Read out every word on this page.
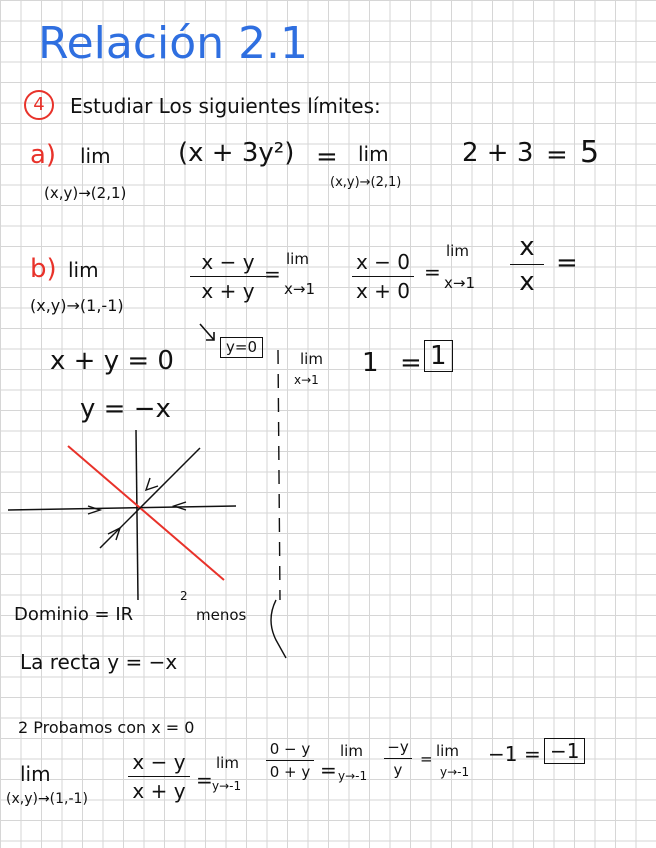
Relación 2.1
4	Estudiar Los siguientes límites:
a) lim
(x,y)→(2,1)
(x + 3y²) = lim
(x,y)→(2,1)
2 + 3 = 5
b) lim
(x,y)→(1,-1)
x − y
x + y
=
lim
x→1
x − 0
x + 0
=
lim
x→1
x
x
=
y=0
lim
x→1
1 = 1
x + y = 0
y = −x
Dominio = IR
2
menos
La recta y = −x
2 Probamos con x = 0
lim
(x,y)→(1,-1)
x − y
x + y =
lim
y→-1
0 − y
0 + y =
lim
y→-1
−y
y
= lim
y→-1
−1 = −1
